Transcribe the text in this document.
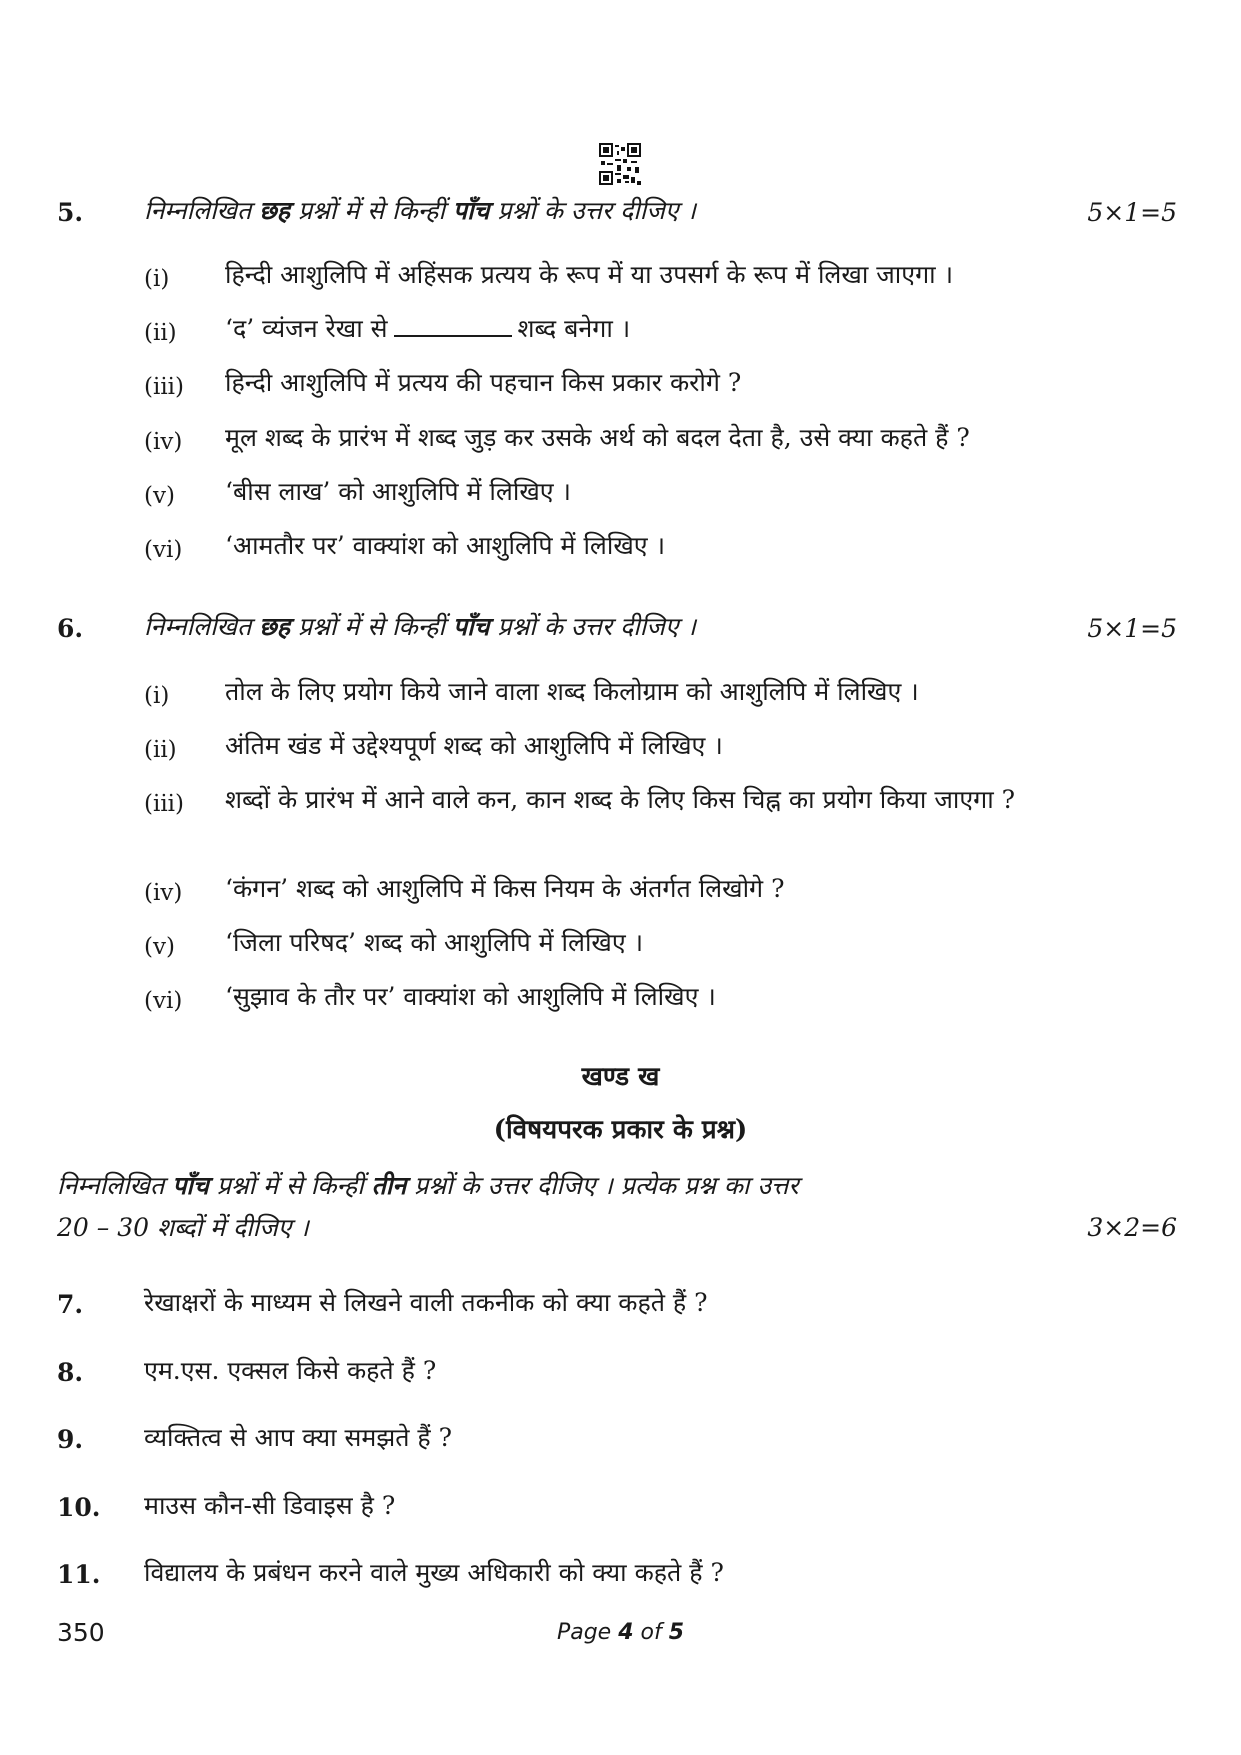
5. निम्नलिखित छह प्रश्नों में से किन्हीं पाँच प्रश्नों के उत्तर दीजिए ।	5×1=5
(i) हिन्दी आशुलिपि में अहिंसक प्रत्यय के रूप में या उपसर्ग के रूप में लिखा जाएगा ।
(ii) ‘द’ व्यंजन रेखा से	शब्द बनेगा ।
(iii) हिन्दी आशुलिपि में प्रत्यय की पहचान किस प्रकार करोगे ?
(iv) मूल शब्द के प्रारंभ में शब्द जुड़ कर उसके अर्थ को बदल देता है, उसे क्या कहते हैं ?
(v) ‘बीस लाख’ को आशुलिपि में लिखिए ।
(vi) ‘आमतौर पर’ वाक्यांश को आशुलिपि में लिखिए ।
6. निम्नलिखित छह प्रश्नों में से किन्हीं पाँच प्रश्नों के उत्तर दीजिए ।	5×1=5
(i) तोल के लिए प्रयोग किये जाने वाला शब्द किलोग्राम को आशुलिपि में लिखिए ।
(ii) अंतिम खंड में उद्देश्यपूर्ण शब्द को आशुलिपि में लिखिए ।
(iii) शब्दों के प्रारंभ में आने वाले कन, कान शब्द के लिए किस चिह्न का प्रयोग किया जाएगा ?
(iv) ‘कंगन’ शब्द को आशुलिपि में किस नियम के अंतर्गत लिखोगे ?
(v) ‘जिला परिषद’ शब्द को आशुलिपि में लिखिए ।
(vi) ‘सुझाव के तौर पर’ वाक्यांश को आशुलिपि में लिखिए ।
खण्ड ख
(विषयपरक प्रकार के प्रश्न)
निम्नलिखित पाँच प्रश्नों में से किन्हीं तीन प्रश्नों के उत्तर दीजिए । प्रत्येक प्रश्न का उत्तर
20 – 30 शब्दों में दीजिए ।	3×2=6
7. रेखाक्षरों के माध्यम से लिखने वाली तकनीक को क्या कहते हैं ?
8. एम.एस. एक्सल किसे कहते हैं ?
9. व्यक्तित्व से आप क्या समझते हैं ?
10. माउस कौन-सी डिवाइस है ?
11. विद्यालय के प्रबंधन करने वाले मुख्य अधिकारी को क्या कहते हैं ?
350	Page 4 of 5
